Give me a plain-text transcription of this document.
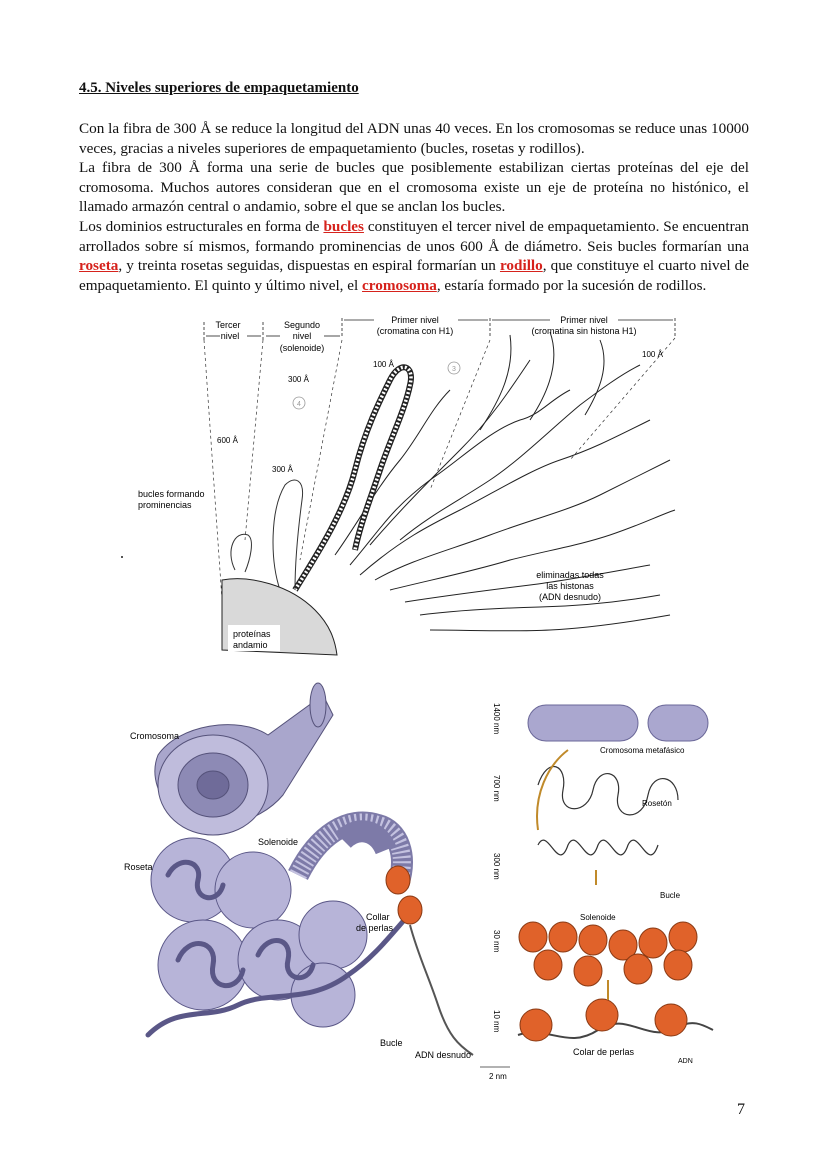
4.5. Niveles superiores de empaquetamiento

Con la fibra de 300 Å se reduce la longitud del ADN unas 40 veces. En los cromosomas se reduce unas 10000 veces, gracias a niveles superiores de empaquetamiento (bucles, rosetas y rodillos).

La fibra de 300 Å forma una serie de bucles que posiblemente estabilizan ciertas proteínas del eje del cromosoma. Muchos autores consideran que en el cromosoma existe un eje de proteína no histónico, el llamado armazón central o andamio, sobre el que se anclan los bucles.

Los dominios estructurales en forma de bucles constituyen el tercer nivel de empaquetamiento. Se encuentran arrollados sobre sí mismos, formando prominencias de unos 600 Å de diámetro. Seis bucles formarían una roseta, y treinta rosetas seguidas, dispuestas en espiral formarían un rodillo, que constituye el cuarto nivel de empaquetamiento. El quinto y último nivel, el cromosoma, estaría formado por la sucesión de rodillos.

Tercer
nivel
Segundo
nivel
(solenoide)
Primer nivel
(cromatina con H1)
Primer nivel
(cromatina sin histona H1)
100 Å
100 Å
300 Å
300 Å
600 Å
4
3
bucles formando
prominencias
eliminadas todas
las histonas
(ADN desnudo)
proteínas
andamio
Cromosoma
Roseta
Solenoide
Collar
de perlas
Bucle
ADN desnudo
2 nm
1400 nm
700 nm
300 nm
30 nm
10 nm
Cromosoma metafásico
Rosetón
Bucle
Solenoide
Colar de perlas
ADN
7
